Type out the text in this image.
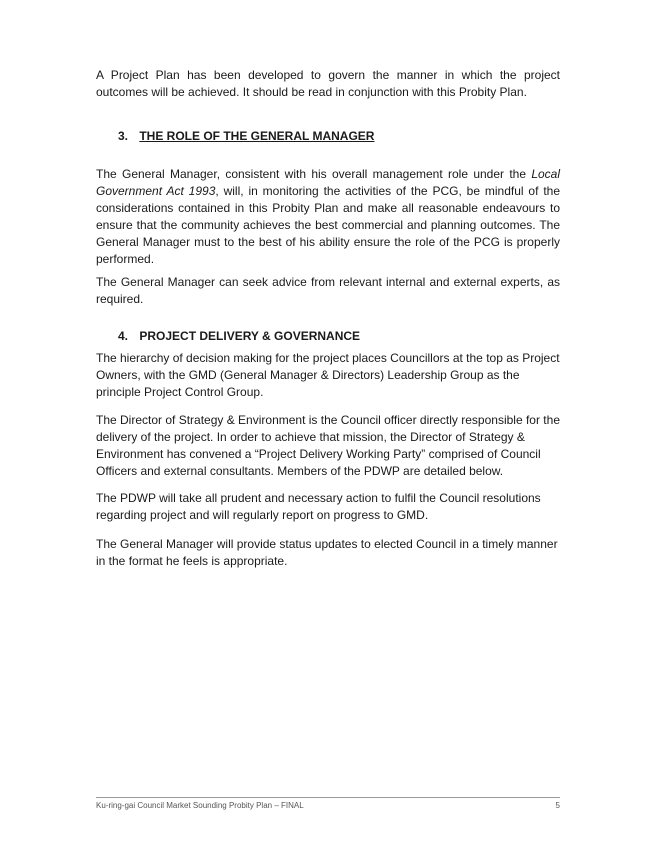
A Project Plan has been developed to govern the manner in which the project outcomes will be achieved. It should be read in conjunction with this Probity Plan.

3. THE ROLE OF THE GENERAL MANAGER

The General Manager, consistent with his overall management role under the Local Government Act 1993, will, in monitoring the activities of the PCG, be mindful of the considerations contained in this Probity Plan and make all reasonable endeavours to ensure that the community achieves the best commercial and planning outcomes. The General Manager must to the best of his ability ensure the role of the PCG is properly performed.

The General Manager can seek advice from relevant internal and external experts, as required.

4. PROJECT DELIVERY & GOVERNANCE

The hierarchy of decision making for the project places Councillors at the top as Project Owners, with the GMD (General Manager & Directors) Leadership Group as the principle Project Control Group.

The Director of Strategy & Environment is the Council officer directly responsible for the delivery of the project. In order to achieve that mission, the Director of Strategy & Environment has convened a “Project Delivery Working Party” comprised of Council Officers and external consultants. Members of the PDWP are detailed below.

The PDWP will take all prudent and necessary action to fulfil the Council resolutions regarding project and will regularly report on progress to GMD.

The General Manager will provide status updates to elected Council in a timely manner in the format he feels is appropriate.

Ku-ring-gai Council Market Sounding Probity Plan – FINAL	5
